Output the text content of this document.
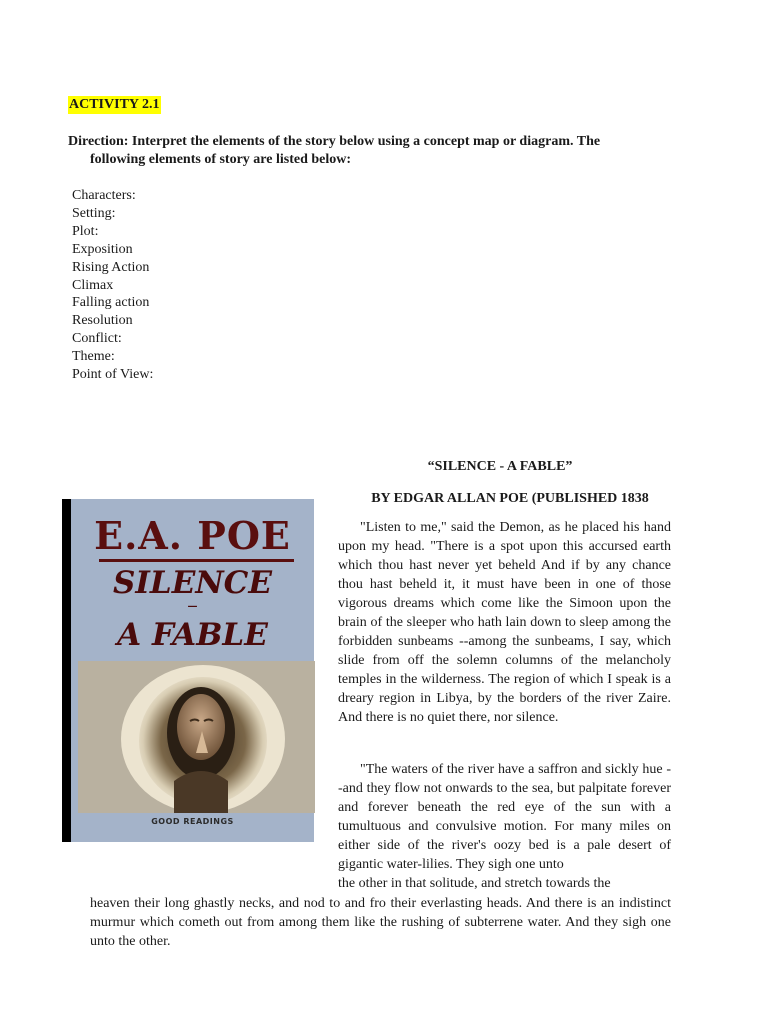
ACTIVITY 2.1
Direction: Interpret the elements of the story below using a concept map or diagram. The
following elements of story are listed below:
Characters:
Setting:
Plot:
Exposition
Rising Action
Climax
Falling action
Resolution
Conflict:
Theme:
Point of View:
“SILENCE - A FABLE”
BY EDGAR ALLAN POE (PUBLISHED 1838
E.A. POE
SILENCE
—
A FABLE
GOOD READINGS

"Listen to me," said the Demon, as he placed his hand upon my head. "There is a spot upon this accursed earth which thou hast never yet beheld And if by any chance thou hast beheld it, it must have been in one of those vigorous dreams which come like the Simoon upon the brain of the sleeper who hath lain down to sleep among the forbidden sunbeams --among the sunbeams, I say, which slide from off the solemn columns of the melancholy temples in the wilderness. The region of which I speak is a dreary region in Libya, by the borders of the river Zaire. And there is no quiet there, nor silence.

"The waters of the river have a saffron and sickly hue --and they flow not onwards to the sea, but palpitate forever and forever beneath the red eye of the sun with a tumultuous and convulsive motion. For many miles on either side of the river's oozy bed is a pale desert of gigantic water-lilies. They sigh one unto
the other in that solitude, and stretch towards the

heaven their long ghastly necks, and nod to and fro their everlasting heads. And there is an indistinct murmur which cometh out from among them like the rushing of subterrene water. And they sigh one unto the other.
